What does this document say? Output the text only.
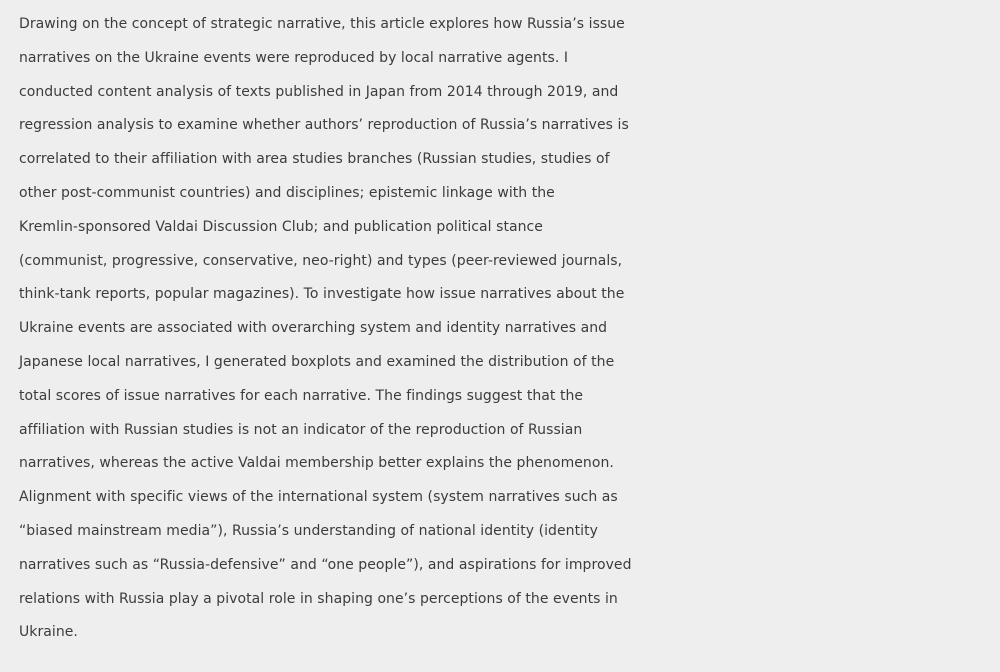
Drawing on the concept of strategic narrative, this article explores how Russia’s issue
narratives on the Ukraine events were reproduced by local narrative agents. I
conducted content analysis of texts published in Japan from 2014 through 2019, and
regression analysis to examine whether authors’ reproduction of Russia’s narratives is
correlated to their affiliation with area studies branches (Russian studies, studies of
other post-communist countries) and disciplines; epistemic linkage with the
Kremlin-sponsored Valdai Discussion Club; and publication political stance
(communist, progressive, conservative, neo-right) and types (peer-reviewed journals,
think-tank reports, popular magazines). To investigate how issue narratives about the
Ukraine events are associated with overarching system and identity narratives and
Japanese local narratives, I generated boxplots and examined the distribution of the
total scores of issue narratives for each narrative. The findings suggest that the
affiliation with Russian studies is not an indicator of the reproduction of Russian
narratives, whereas the active Valdai membership better explains the phenomenon.
Alignment with specific views of the international system (system narratives such as
“biased mainstream media”), Russia’s understanding of national identity (identity
narratives such as “Russia-defensive” and “one people”), and aspirations for improved
relations with Russia play a pivotal role in shaping one’s perceptions of the events in
Ukraine.
